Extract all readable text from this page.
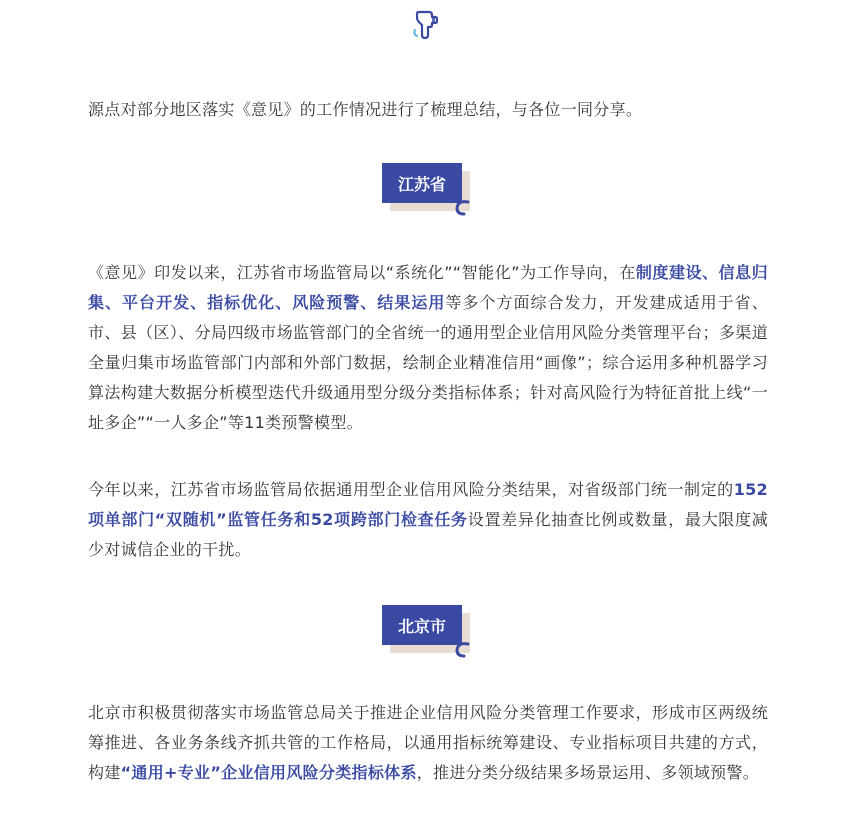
源点对部分地区落实《意见》的工作情况进行了梳理总结，与各位一同分享。

江苏省

《意见》印发以来，江苏省市场监管局以“系统化”“智能化”为工作导向，在制度建设、信息归集、平台开发、指标优化、风险预警、结果运用等多个方面综合发力，开发建成适用于省、市、县（区）、分局四级市场监管部门的全省统一的通用型企业信用风险分类管理平台；多渠道全量归集市场监管部门内部和外部门数据，绘制企业精准信用“画像”；综合运用多种机器学习算法构建大数据分析模型迭代升级通用型分级分类指标体系；针对高风险行为特征首批上线“一址多企”“一人多企”等11类预警模型。

今年以来，江苏省市场监管局依据通用型企业信用风险分类结果，对省级部门统一制定的152项单部门“双随机”监管任务和52项跨部门检查任务设置差异化抽查比例或数量，最大限度减少对诚信企业的干扰。

北京市

北京市积极贯彻落实市场监管总局关于推进企业信用风险分类管理工作要求，形成市区两级统筹推进、各业务条线齐抓共管的工作格局，以通用指标统筹建设、专业指标项目共建的方式，构建“通用+专业”企业信用风险分类指标体系，推进分类分级结果多场景运用、多领域预警。
